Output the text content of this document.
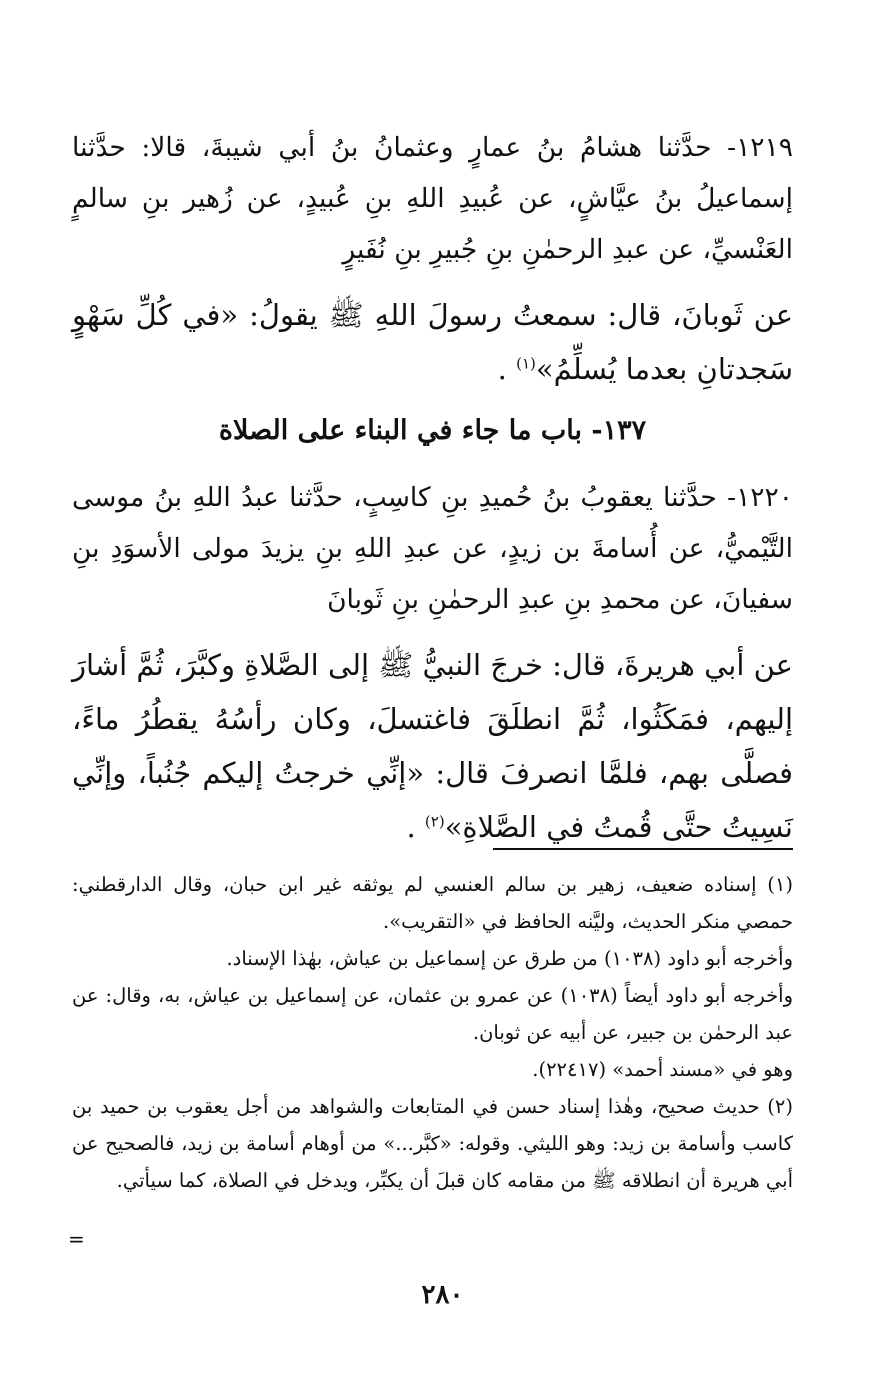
١٢١٩- حدَّثنا هشامُ بنُ عمارٍ وعثمانُ بنُ أبي شيبةَ، قالا: حدَّثنا إسماعيلُ بنُ عيَّاشٍ، عن عُبيدِ اللهِ بنِ عُبيدٍ، عن زُهير بنِ سالمٍ العَنْسيِّ، عن عبدِ الرحمٰنِ بنِ جُبيرِ بنِ نُفَيرٍ

عن ثَوبانَ، قال: سمعتُ رسولَ اللهِ ﷺ يقولُ: «في كُلِّ سَهْوٍ سَجدتانِ بعدما يُسلِّمُ»$^{(١)}$ .

١٣٧- باب ما جاء في البناء على الصلاة

١٢٢٠- حدَّثنا يعقوبُ بنُ حُميدِ بنِ كاسِبٍ، حدَّثنا عبدُ اللهِ بنُ موسى التَّيْميُّ، عن أُسامةَ بن زيدٍ، عن عبدِ اللهِ بنِ يزيدَ مولى الأسوَدِ بنِ سفيانَ، عن محمدِ بنِ عبدِ الرحمٰنِ بنِ ثَوبانَ

عن أبي هريرةَ، قال: خرجَ النبيُّ ﷺ إلى الصَّلاةِ وكبَّرَ، ثُمَّ أشارَ إليهم، فمَكَثُوا، ثُمَّ انطلَقَ فاغتسلَ، وكان رأسُهُ يقطُرُ ماءً، فصلَّى بهم، فلمَّا انصرفَ قال: «إنِّي خرجتُ إليكم جُنُباً، وإنِّي نَسِيتُ حتَّى قُمتُ في الصَّلاةِ»$^{(٢)}$ .

(١) إسناده ضعيف، زهير بن سالم العنسي لم يوثقه غير ابن حبان، وقال الدارقطني: حمصي منكر الحديث، وليَّنه الحافظ في «التقريب».

وأخرجه أبو داود (١٠٣٨) من طرق عن إسماعيل بن عياش، بهٰذا الإسناد.

وأخرجه أبو داود أيضاً (١٠٣٨) عن عمرو بن عثمان، عن إسماعيل بن عياش، به، وقال: عن عبد الرحمٰن بن جبير، عن أبيه عن ثوبان.

وهو في «مسند أحمد» (٢٢٤١٧).

(٢) حديث صحيح، وهٰذا إسناد حسن في المتابعات والشواهد من أجل يعقوب بن حميد بن كاسب وأسامة بن زيد: وهو الليثي. وقوله: «كبَّر...» من أوهام أسامة بن زيد، فالصحيح عن أبي هريرة أن انطلاقه ﷺ من مقامه كان قبلَ أن يكبِّر، ويدخل في الصلاة، كما سيأتي.

=
٢٨٠
